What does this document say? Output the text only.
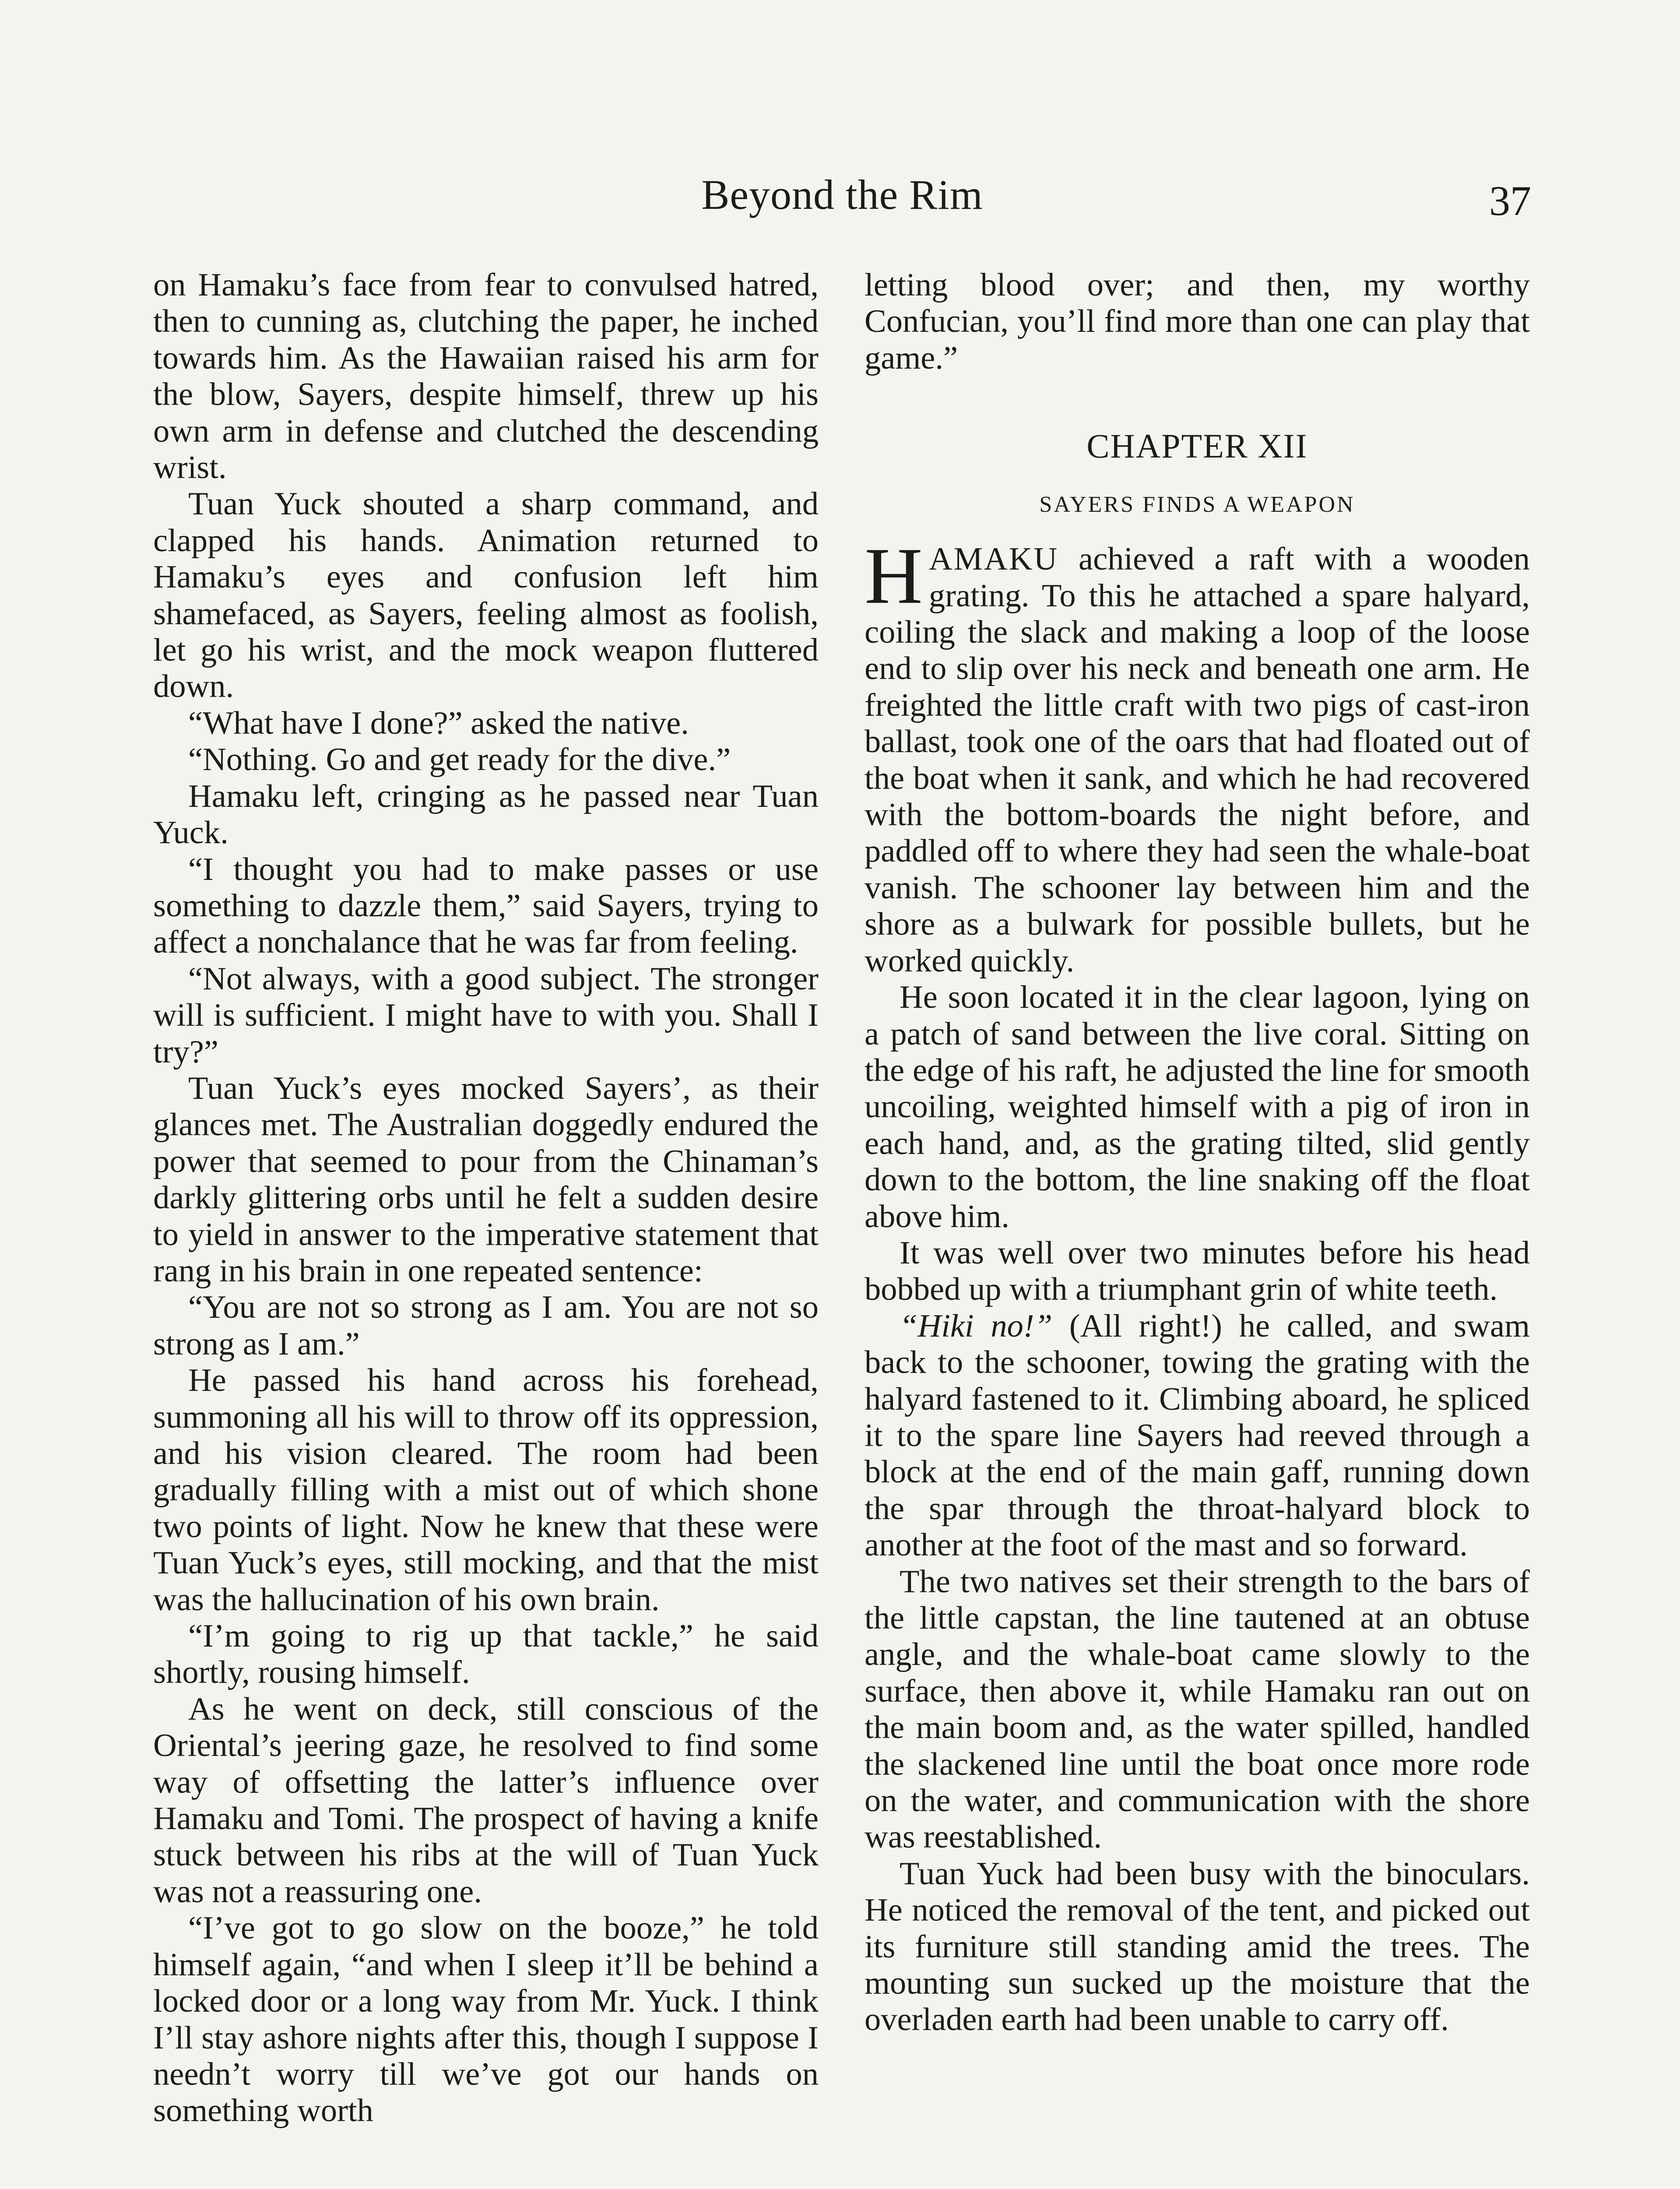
Beyond the Rim	37

on Hamaku’s face from fear to convulsed hatred, then to cunning as, clutching the paper, he inched towards him. As the Hawaiian raised his arm for the blow, Sayers, despite himself, threw up his own arm in defense and clutched the descending wrist.

Tuan Yuck shouted a sharp command, and clapped his hands. Animation returned to Hamaku’s eyes and confusion left him shamefaced, as Sayers, feeling almost as foolish, let go his wrist, and the mock weapon fluttered down.

“What have I done?” asked the native.

“Nothing. Go and get ready for the dive.”

Hamaku left, cringing as he passed near Tuan Yuck.

“I thought you had to make passes or use something to dazzle them,” said Sayers, trying to affect a nonchalance that he was far from feeling.

“Not always, with a good subject. The stronger will is sufficient. I might have to with you. Shall I try?”

Tuan Yuck’s eyes mocked Sayers’, as their glances met. The Australian doggedly endured the power that seemed to pour from the Chinaman’s darkly glittering orbs until he felt a sudden desire to yield in answer to the imperative statement that rang in his brain in one repeated sentence:

“You are not so strong as I am. You are not so strong as I am.”

He passed his hand across his forehead, summoning all his will to throw off its oppression, and his vision cleared. The room had been gradually filling with a mist out of which shone two points of light. Now he knew that these were Tuan Yuck’s eyes, still mocking, and that the mist was the hallucination of his own brain.

“I’m going to rig up that tackle,” he said shortly, rousing himself.

As he went on deck, still conscious of the Oriental’s jeering gaze, he resolved to find some way of offsetting the latter’s influence over Hamaku and Tomi. The prospect of having a knife stuck between his ribs at the will of Tuan Yuck was not a reassuring one.

“I’ve got to go slow on the booze,” he told himself again, “and when I sleep it’ll be behind a locked door or a long way from Mr. Yuck. I think I’ll stay ashore nights after this, though I suppose I needn’t worry till we’ve got our hands on something worth

letting blood over; and then, my worthy Confucian, you’ll find more than one can play that game.”

CHAPTER XII
SAYERS FINDS A WEAPON

HAMAKU achieved a raft with a wooden grating. To this he attached a spare halyard, coiling the slack and making a loop of the loose end to slip over his neck and beneath one arm. He freighted the little craft with two pigs of cast-iron ballast, took one of the oars that had floated out of the boat when it sank, and which he had recovered with the bottom-boards the night before, and paddled off to where they had seen the whale-boat vanish. The schooner lay between him and the shore as a bulwark for possible bullets, but he worked quickly.

He soon located it in the clear lagoon, lying on a patch of sand between the live coral. Sitting on the edge of his raft, he adjusted the line for smooth uncoiling, weighted himself with a pig of iron in each hand, and, as the grating tilted, slid gently down to the bottom, the line snaking off the float above him.

It was well over two minutes before his head bobbed up with a triumphant grin of white teeth.

“Hiki no!” (All right!) he called, and swam back to the schooner, towing the grating with the halyard fastened to it. Climbing aboard, he spliced it to the spare line Sayers had reeved through a block at the end of the main gaff, running down the spar through the throat-halyard block to another at the foot of the mast and so forward.

The two natives set their strength to the bars of the little capstan, the line tautened at an obtuse angle, and the whale-boat came slowly to the surface, then above it, while Hamaku ran out on the main boom and, as the water spilled, handled the slackened line until the boat once more rode on the water, and communication with the shore was reestablished.

Tuan Yuck had been busy with the binoculars. He noticed the removal of the tent, and picked out its furniture still standing amid the trees. The mounting sun sucked up the moisture that the overladen earth had been unable to carry off.
